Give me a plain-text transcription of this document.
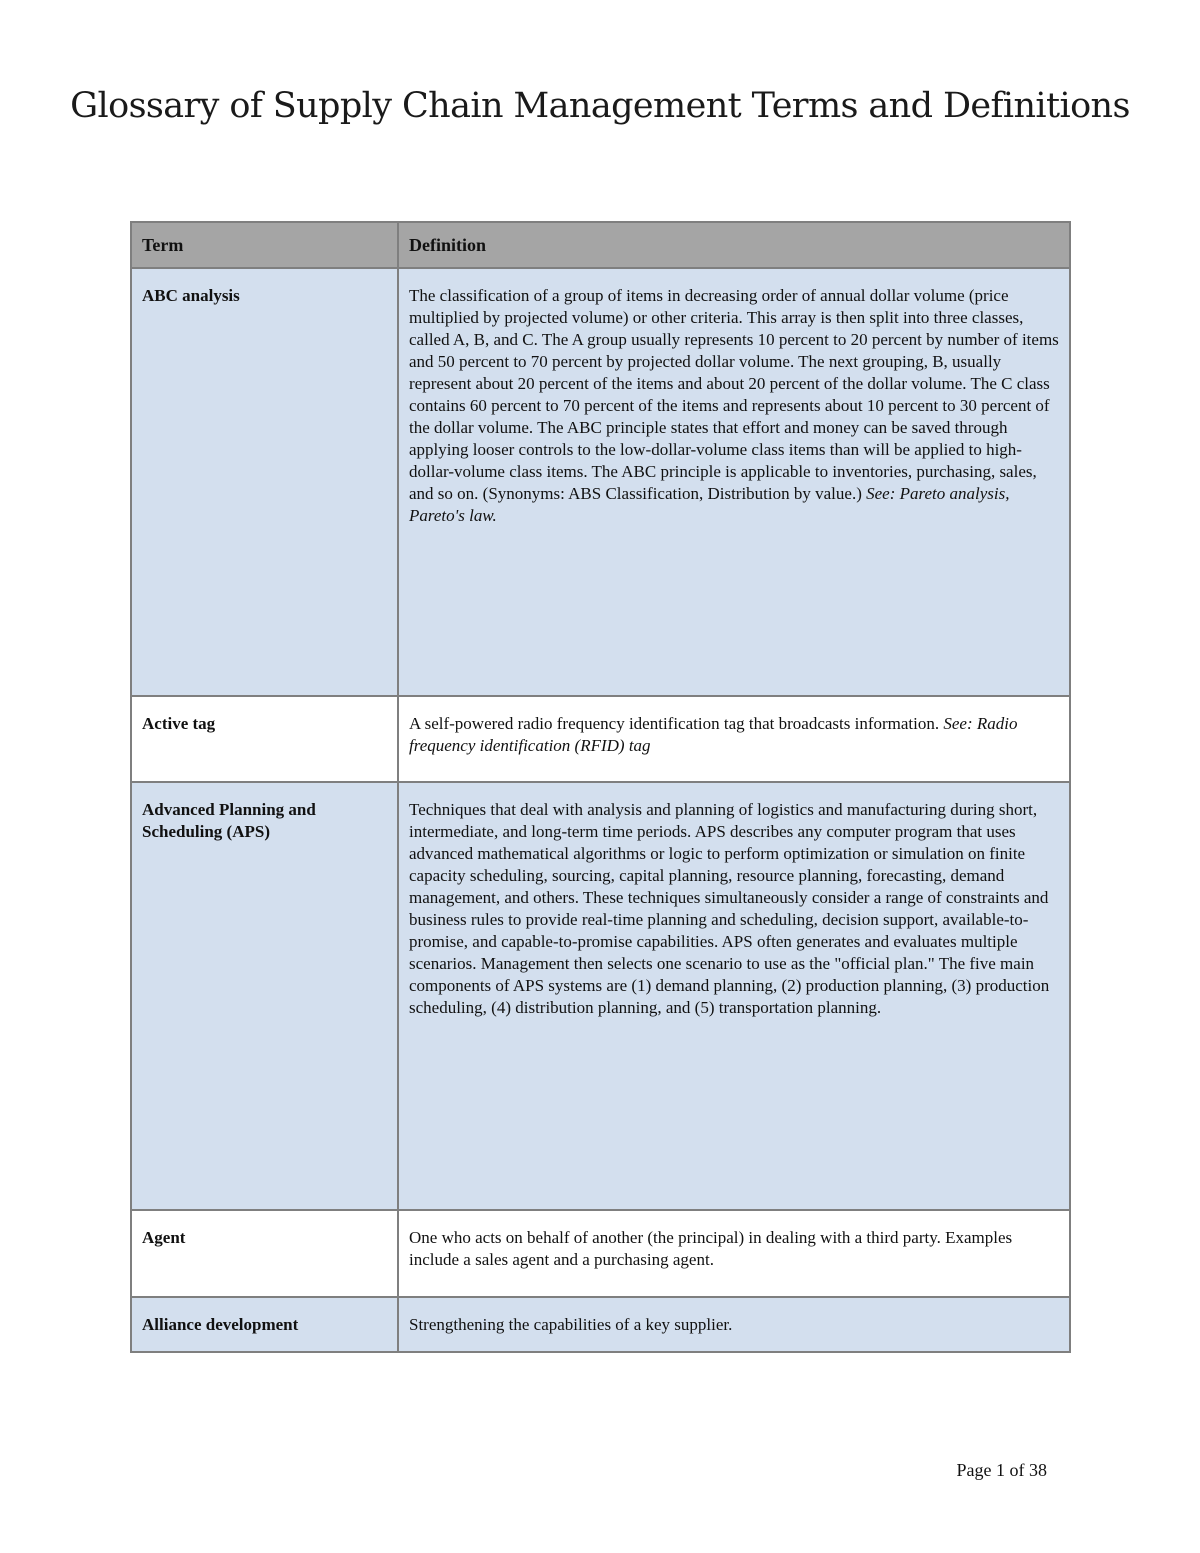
Glossary of Supply Chain Management Terms and Definitions
Term	Definition
ABC analysis	The classification of a group of items in decreasing order of annual dollar volume (price multiplied by projected volume) or other criteria. This array is then split into three classes, called A, B, and C. The A group usually represents 10 percent to 20 percent by number of items and 50 percent to 70 percent by projected dollar volume. The next grouping, B, usually represent about 20 percent of the items and about 20 percent of the dollar volume. The C class contains 60 percent to 70 percent of the items and represents about 10 percent to 30 percent of the dollar volume. The ABC principle states that effort and money can be saved through applying looser controls to the low-dollar-volume class items than will be applied to high-dollar-volume class items. The ABC principle is applicable to inventories, purchasing, sales, and so on. (Synonyms: ABS Classification, Distribution by value.) See: Pareto analysis, Pareto's law.
Active tag	A self-powered radio frequency identification tag that broadcasts information. See: Radio frequency identification (RFID) tag
Advanced Planning and Scheduling (APS)	Techniques that deal with analysis and planning of logistics and manufacturing during short, intermediate, and long-term time periods. APS describes any computer program that uses advanced mathematical algorithms or logic to perform optimization or simulation on finite capacity scheduling, sourcing, capital planning, resource planning, forecasting, demand management, and others. These techniques simultaneously consider a range of constraints and business rules to provide real-time planning and scheduling, decision support, available-to-promise, and capable-to-promise capabilities. APS often generates and evaluates multiple scenarios. Management then selects one scenario to use as the "official plan." The five main components of APS systems are (1) demand planning, (2) production planning, (3) production scheduling, (4) distribution planning, and (5) transportation planning.
Agent	One who acts on behalf of another (the principal) in dealing with a third party. Examples include a sales agent and a purchasing agent.
Alliance development	Strengthening the capabilities of a key supplier.
Page 1 of 38
